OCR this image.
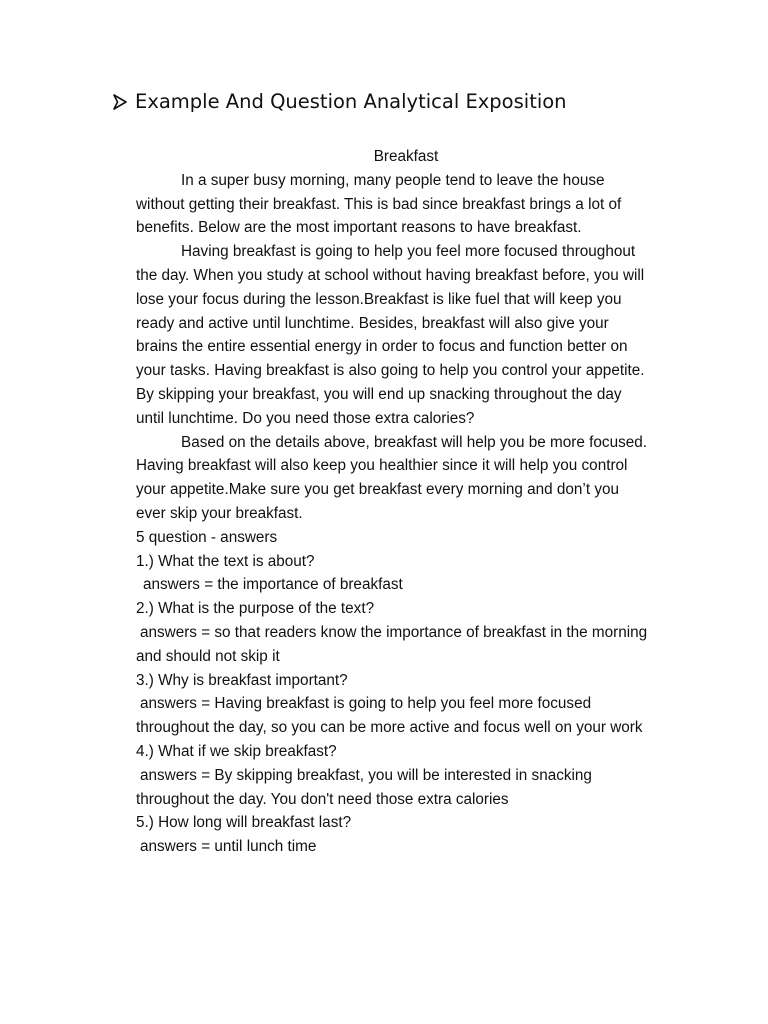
Example And Question Analytical Exposition
Breakfast
In a super busy morning, many people tend to leave the house
without getting their breakfast. This is bad since breakfast brings a lot of
benefits. Below are the most important reasons to have breakfast.
Having breakfast is going to help you feel more focused throughout
the day. When you study at school without having breakfast before, you will
lose your focus during the lesson.Breakfast is like fuel that will keep you
ready and active until lunchtime. Besides, breakfast will also give your
brains the entire essential energy in order to focus and function better on
your tasks. Having breakfast is also going to help you control your appetite.
By skipping your breakfast, you will end up snacking throughout the day
until lunchtime. Do you need those extra calories?
Based on the details above, breakfast will help you be more focused.
Having breakfast will also keep you healthier since it will help you control
your appetite.Make sure you get breakfast every morning and don’t you
ever skip your breakfast.
5 question - answers
1.) What the text is about?
answers = the importance of breakfast
2.) What is the purpose of the text?
answers = so that readers know the importance of breakfast in the morning
and should not skip it
3.) Why is breakfast important?
answers = Having breakfast is going to help you feel more focused
throughout the day, so you can be more active and focus well on your work
4.) What if we skip breakfast?
answers = By skipping breakfast, you will be interested in snacking
throughout the day. You don't need those extra calories
5.) How long will breakfast last?
answers = until lunch time
